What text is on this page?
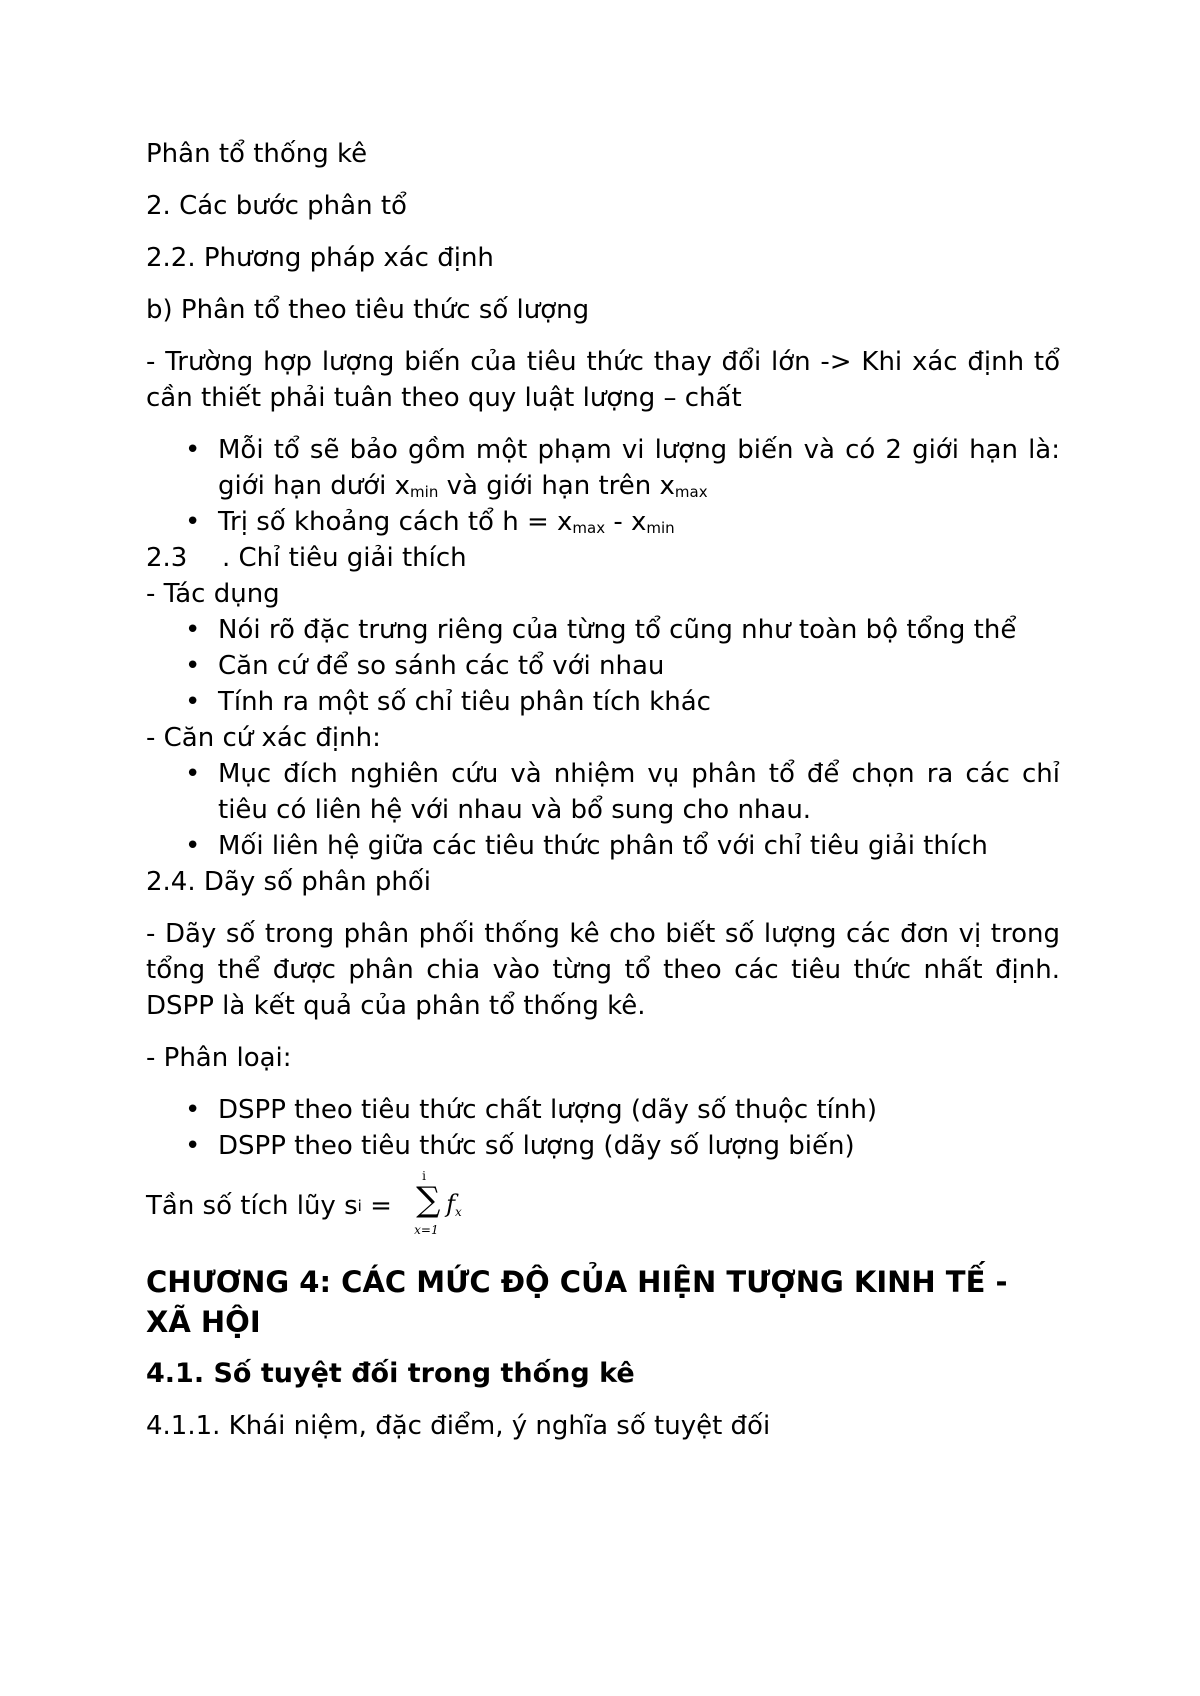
Phân tổ thống kê

2. Các bước phân tổ

2.2. Phương pháp xác định

b) Phân tổ theo tiêu thức số lượng

- Trường hợp lượng biến của tiêu thức thay đổi lớn -> Khi xác định tổ cần thiết phải tuân theo quy luật lượng – chất

• Mỗi tổ sẽ bảo gồm một phạm vi lượng biến và có 2 giới hạn là: giới hạn dưới $x_{min}$ và giới hạn trên $x_{max}$
• Trị số khoảng cách tổ $h = x_{max} - x_{min}$

2.3 . Chỉ tiêu giải thích

- Tác dụng

• Nói rõ đặc trưng riêng của từng tổ cũng như toàn bộ tổng thể
• Căn cứ để so sánh các tổ với nhau
• Tính ra một số chỉ tiêu phân tích khác

- Căn cứ xác định:

• Mục đích nghiên cứu và nhiệm vụ phân tổ để chọn ra các chỉ tiêu có liên hệ với nhau và bổ sung cho nhau.
• Mối liên hệ giữa các tiêu thức phân tổ với chỉ tiêu giải thích

2.4. Dãy số phân phối

- Dãy số trong phân phối thống kê cho biết số lượng các đơn vị trong tổng thể được phân chia vào từng tổ theo các tiêu thức nhất định. DSPP là kết quả của phân tổ thống kê.

- Phân loại:

• DSPP theo tiêu thức chất lượng (dãy số thuộc tính)
• DSPP theo tiêu thức số lượng (dãy số lượng biến)
Tần số tích lũy s i =
i
∑
x=1
$f_x$
CHƯƠNG 4: CÁC MỨC ĐỘ CỦA HIỆN TƯỢNG KINH TẾ - XÃ HỘI
4.1. Số tuyệt đối trong thống kê

4.1.1. Khái niệm, đặc điểm, ý nghĩa số tuyệt đối
